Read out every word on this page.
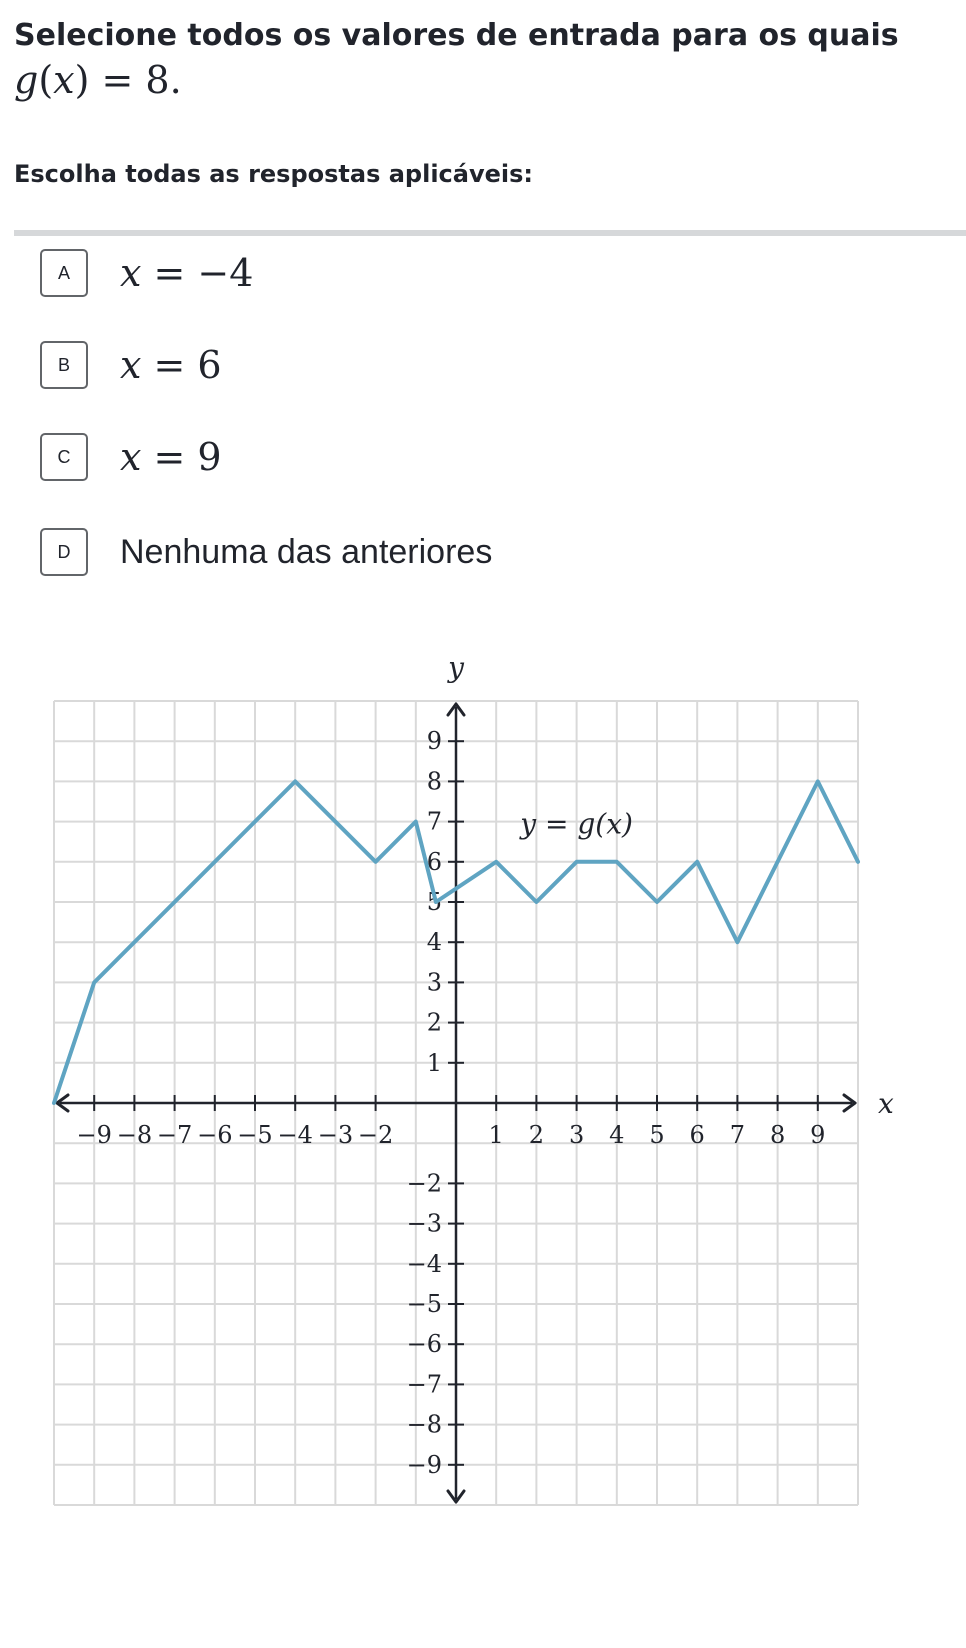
Selecione todos os valores de entrada para os quais
g(x) = 8.
Escolha todas as respostas aplicáveis:
A	x = −4
B	x = 6
C	x = 9
D	Nenhuma das anteriores
−9 −8 −7 −6 −5 −4 −3 −2	1 2 3 4 5 6 7 8 9
9
8
7
6
5
4
3
2
1
−2
−3
−4
−5
−6
−7
−8
−9
x
y
y = g(x)
